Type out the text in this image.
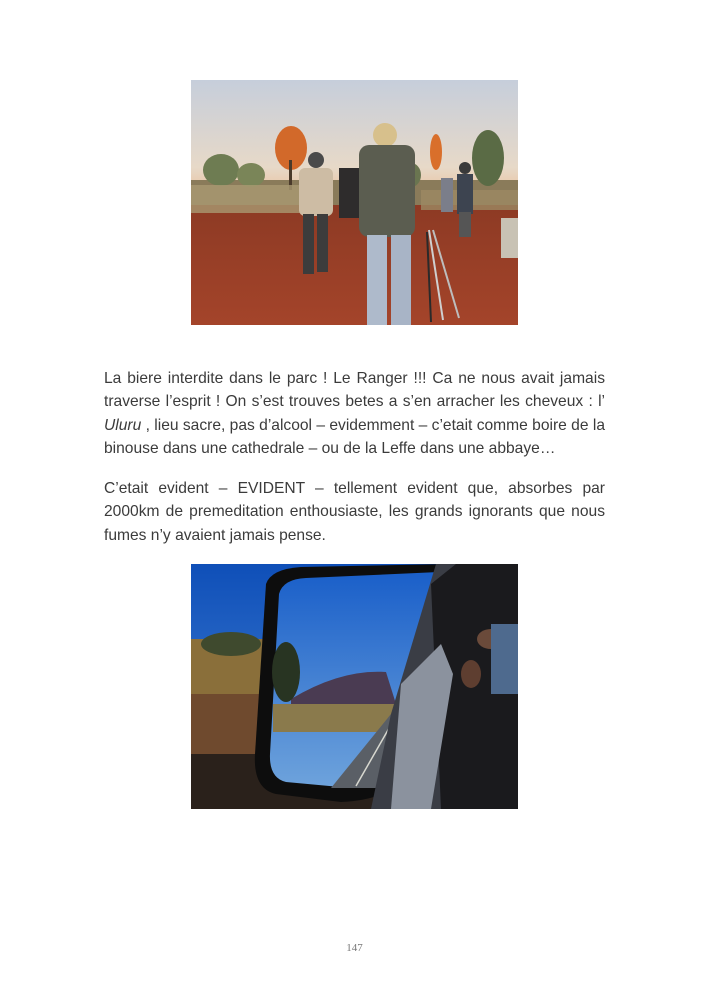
La biere interdite dans le parc ! Le Ranger !!! Ca ne nous avait jamais traverse l’esprit ! On s’est trouves betes a s’en arracher les cheveux : l’ Uluru , lieu sacre, pas d’alcool – evidemment – c’etait comme boire de la binouse dans une cathedrale – ou de la Leffe dans une abbaye…

C’etait evident – EVIDENT – tellement evident que, absorbes par 2000km de premeditation enthousiaste, les grands ignorants que nous fumes n’y avaient jamais pense.

147
